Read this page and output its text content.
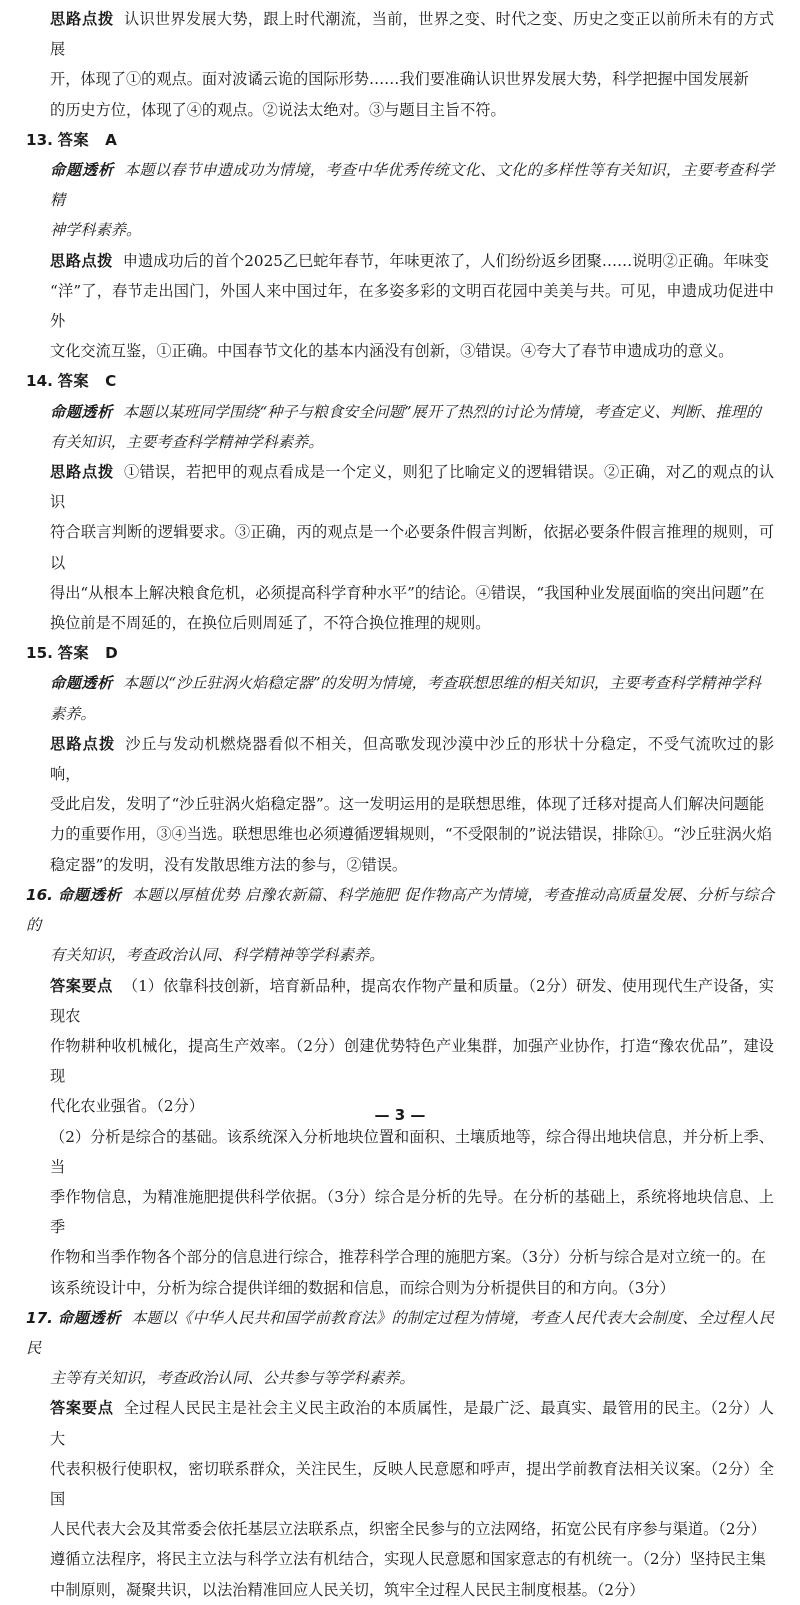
思路点拨 认识世界发展大势，跟上时代潮流，当前，世界之变、时代之变、历史之变正以前所未有的方式展
开，体现了①的观点。面对波谲云诡的国际形势……我们要准确认识世界发展大势，科学把握中国发展新
的历史方位，体现了④的观点。②说法太绝对。③与题目主旨不符。
13. 答案 A
命题透析 本题以春节申遗成功为情境，考查中华优秀传统文化、文化的多样性等有关知识，主要考查科学精
神学科素养。
思路点拨 申遗成功后的首个2025乙巳蛇年春节，年味更浓了，人们纷纷返乡团聚……说明②正确。年味变
“洋”了，春节走出国门，外国人来中国过年，在多姿多彩的文明百花园中美美与共。可见，申遗成功促进中外
文化交流互鉴，①正确。中国春节文化的基本内涵没有创新，③错误。④夸大了春节申遗成功的意义。
14. 答案 C
命题透析 本题以某班同学围绕“种子与粮食安全问题”展开了热烈的讨论为情境，考查定义、判断、推理的
有关知识，主要考查科学精神学科素养。
思路点拨 ①错误，若把甲的观点看成是一个定义，则犯了比喻定义的逻辑错误。②正确，对乙的观点的认识
符合联言判断的逻辑要求。③正确，丙的观点是一个必要条件假言判断，依据必要条件假言推理的规则，可以
得出“从根本上解决粮食危机，必须提高科学育种水平”的结论。④错误，“我国种业发展面临的突出问题”在
换位前是不周延的，在换位后则周延了，不符合换位推理的规则。
15. 答案 D
命题透析 本题以“沙丘驻涡火焰稳定器”的发明为情境，考查联想思维的相关知识，主要考查科学精神学科
素养。
思路点拨 沙丘与发动机燃烧器看似不相关，但高歌发现沙漠中沙丘的形状十分稳定，不受气流吹过的影响，
受此启发，发明了“沙丘驻涡火焰稳定器”。这一发明运用的是联想思维，体现了迁移对提高人们解决问题能
力的重要作用，③④当选。联想思维也必须遵循逻辑规则，“不受限制的”说法错误，排除①。“沙丘驻涡火焰
稳定器”的发明，没有发散思维方法的参与，②错误。
16. 命题透析 本题以厚植优势 启豫农新篇、科学施肥 促作物高产为情境，考查推动高质量发展、分析与综合的
有关知识，考查政治认同、科学精神等学科素养。
答案要点 （1）依靠科技创新，培育新品种，提高农作物产量和质量。（2分）研发、使用现代生产设备，实现农
作物耕种收机械化，提高生产效率。（2分）创建优势特色产业集群，加强产业协作，打造“豫农优品”，建设现
代化农业强省。（2分）
（2）分析是综合的基础。该系统深入分析地块位置和面积、土壤质地等，综合得出地块信息，并分析上季、当
季作物信息，为精准施肥提供科学依据。（3分）综合是分析的先导。在分析的基础上，系统将地块信息、上季
作物和当季作物各个部分的信息进行综合，推荐科学合理的施肥方案。（3分）分析与综合是对立统一的。在
该系统设计中，分析为综合提供详细的数据和信息，而综合则为分析提供目的和方向。（3分）
17. 命题透析 本题以《中华人民共和国学前教育法》的制定过程为情境，考查人民代表大会制度、全过程人民民
主等有关知识，考查政治认同、公共参与等学科素养。
答案要点 全过程人民民主是社会主义民主政治的本质属性，是最广泛、最真实、最管用的民主。（2分）人大
代表积极行使职权，密切联系群众，关注民生，反映人民意愿和呼声，提出学前教育法相关议案。（2分）全国
人民代表大会及其常委会依托基层立法联系点，织密全民参与的立法网络，拓宽公民有序参与渠道。（2分）
遵循立法程序，将民主立法与科学立法有机结合，实现人民意愿和国家意志的有机统一。（2分）坚持民主集
中制原则，凝聚共识，以法治精准回应人民关切，筑牢全过程人民民主制度根基。（2分）
— 3 —
